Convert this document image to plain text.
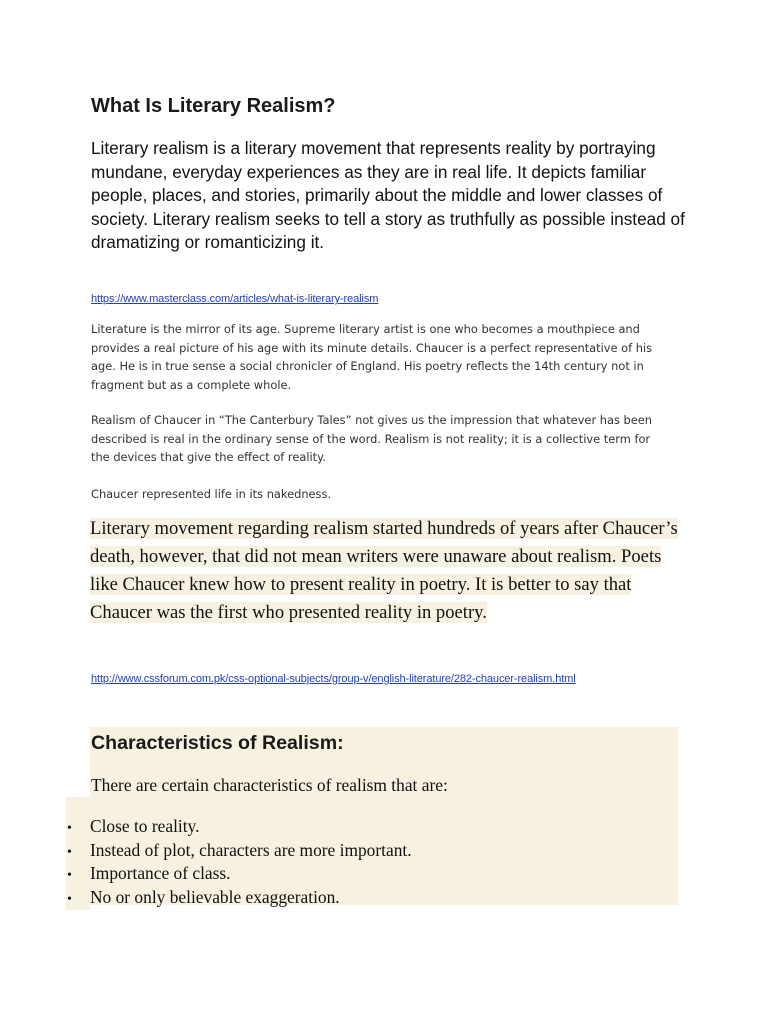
What Is Literary Realism?
Literary realism is a literary movement that represents reality by portraying mundane, everyday experiences as they are in real life. It depicts familiar people, places, and stories, primarily about the middle and lower classes of society. Literary realism seeks to tell a story as truthfully as possible instead of dramatizing or romanticizing it.
https://www.masterclass.com/articles/what-is-literary-realism
Literature is the mirror of its age. Supreme literary artist is one who becomes a mouthpiece and provides a real picture of his age with its minute details. Chaucer is a perfect representative of his age. He is in true sense a social chronicler of England. His poetry reflects the 14th century not in fragment but as a complete whole.
Realism of Chaucer in “The Canterbury Tales” not gives us the impression that whatever has been described is real in the ordinary sense of the word. Realism is not reality; it is a collective term for the devices that give the effect of reality.
Chaucer represented life in its nakedness.
Literary movement regarding realism started hundreds of years after Chaucer’s death, however, that did not mean writers were unaware about realism. Poets like Chaucer knew how to present reality in poetry. It is better to say that Chaucer was the first who presented reality in poetry.
http://www.cssforum.com.pk/css-optional-subjects/group-v/english-literature/282-chaucer-realism.html
Characteristics of Realism:
There are certain characteristics of realism that are:
• Close to reality.
• Instead of plot, characters are more important.
• Importance of class.
• No or only believable exaggeration.
